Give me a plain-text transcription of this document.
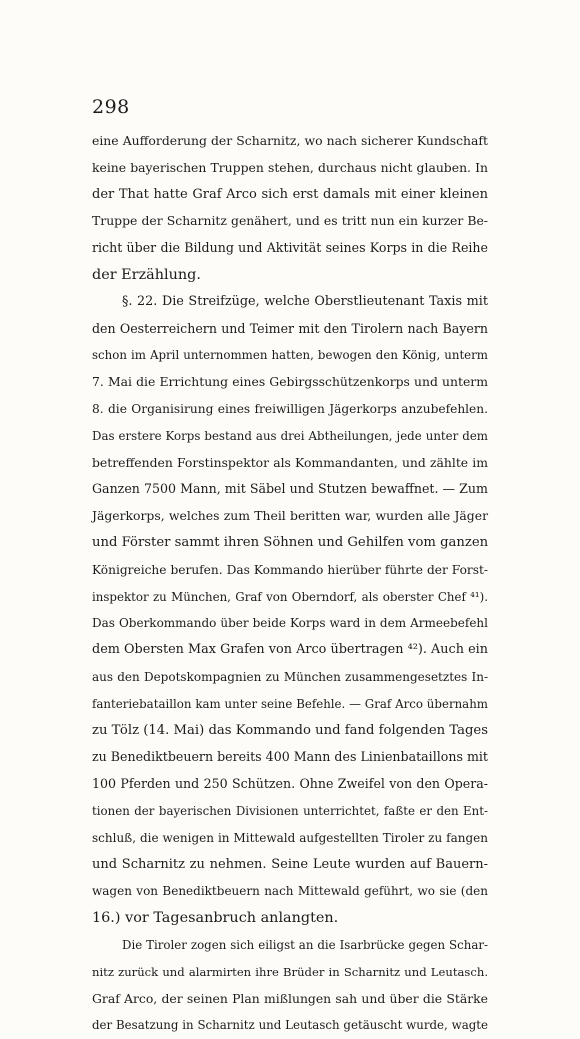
298
eine Aufforderung der Scharnitz, wo nach sicherer Kundschaft
keine bayerischen Truppen stehen, durchaus nicht glauben. In
der That hatte Graf Arco sich erst damals mit einer kleinen
Truppe der Scharnitz genähert, und es tritt nun ein kurzer Be-
richt über die Bildung und Aktivität seines Korps in die Reihe
der Erzählung.
§. 22. Die Streifzüge, welche Oberstlieutenant Taxis mit
den Oesterreichern und Teimer mit den Tirolern nach Bayern
schon im April unternommen hatten, bewogen den König, unterm
7. Mai die Errichtung eines Gebirgsschützenkorps und unterm
8. die Organisirung eines freiwilligen Jägerkorps anzubefehlen.
Das erstere Korps bestand aus drei Abtheilungen, jede unter dem
betreffenden Forstinspektor als Kommandanten, und zählte im
Ganzen 7500 Mann, mit Säbel und Stutzen bewaffnet. — Zum
Jägerkorps, welches zum Theil beritten war, wurden alle Jäger
und Förster sammt ihren Söhnen und Gehilfen vom ganzen
Königreiche berufen. Das Kommando hierüber führte der Forst-
inspektor zu München, Graf von Oberndorf, als oberster Chef ⁴¹).
Das Oberkommando über beide Korps ward in dem Armeebefehl
dem Obersten Max Grafen von Arco übertragen ⁴²). Auch ein
aus den Depotskompagnien zu München zusammengesetztes In-
fanteriebataillon kam unter seine Befehle. — Graf Arco übernahm
zu Tölz (14. Mai) das Kommando und fand folgenden Tages
zu Benediktbeuern bereits 400 Mann des Linienbataillons mit
100 Pferden und 250 Schützen. Ohne Zweifel von den Opera-
tionen der bayerischen Divisionen unterrichtet, faßte er den Ent-
schluß, die wenigen in Mittewald aufgestellten Tiroler zu fangen
und Scharnitz zu nehmen. Seine Leute wurden auf Bauern-
wagen von Benediktbeuern nach Mittewald geführt, wo sie (den
16.) vor Tagesanbruch anlangten.
Die Tiroler zogen sich eiligst an die Isarbrücke gegen Schar-
nitz zurück und alarmirten ihre Brüder in Scharnitz und Leutasch.
Graf Arco, der seinen Plan mißlungen sah und über die Stärke
der Besatzung in Scharnitz und Leutasch getäuscht wurde, wagte
